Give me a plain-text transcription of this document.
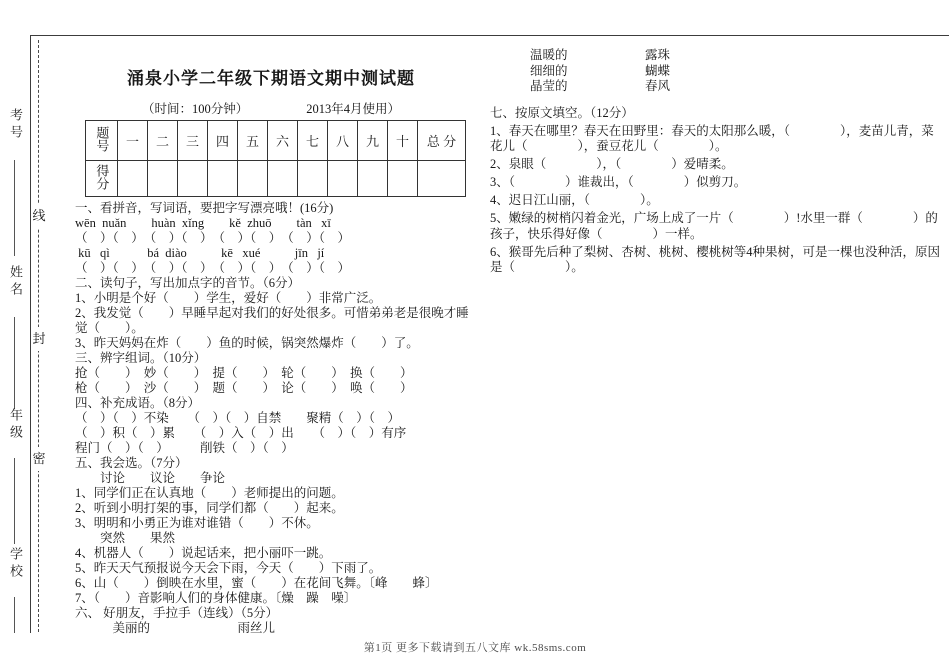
线
封
密
考号
姓名
年级
学校
涌泉小学二年级下期语文期中测试题
（时间：100分钟）	2013年4月使用）
题号	一	二	三	四	五	六	七	八	九	十	总 分
得分											
一、看拼音，写词语，要把字写漂亮哦！(16分)
wēn  nuǎn        huàn  xǐng        kě  zhuō        tàn   xī
（　）（　）　（　）（　）　（　）（　）　（　）（　）
kū   qì            bá  diào           kē   xué           jīn   jí
（　）（　）　（　）（　）　（　）（　）　（　）（　）
二、读句子，写出加点字的音节。（6分）
1、小明是个好（　　）学生，爱好（　　）非常广泛。
2、我发觉（　　）早睡早起对我们的好处很多。可惜弟弟老是很晚才睡觉（　　）。
3、昨天妈妈在炸（　　）鱼的时候，锅突然爆炸（　　）了。
三、辨字组词。（10分）
抢（　　）　妙（　　）　提（　　）　轮（　　）　换（　　）
枪（　　）　沙（　　）　题（　　）　论（　　）　唤（　　）
四、补充成语。（8分）
（　）（　）不染　　（　）（　）自禁　　聚精（　）（　）
（　）积（　）累　　（　）入（　）出　　（　）（　）有序
程门（　）（　）　　　削铁（　）（　）
五、我会选。（7分）
　　讨论　　议论　　争论
1、同学们正在认真地（　　）老师提出的问题。
2、听到小明打架的事，同学们都（　　）起来。
3、明明和小勇正为谁对谁错（　　）不休。
　　突然　　果然
4、机器人（　　）说起话来，把小丽吓一跳。
5、昨天天气预报说今天会下雨，今天（　　）下雨了。
6、山（　　）倒映在水里，蜜（　　）在花间飞舞。〔峰　　蜂〕
7、（　　）音影响人们的身体健康。〔燥　躁　噪〕
六、 好朋友，手拉手（连线）（5分）
　　　美丽的　　　　　　　雨丝儿
温暖的	露珠
细细的	蝴蝶
晶莹的	春风
七、按原文填空。（12分）
1、春天在哪里？春天在田野里：春天的太阳那么暖，（　　　　），麦苗儿青，菜花儿（　　　　），蚕豆花儿（　　　　）。
2、泉眼（　　　　），（　　　　）爱晴柔。
3、（　　　　）谁裁出，（　　　　）似剪刀。
4、迟日江山丽，（　　　　）。
5、嫩绿的树梢闪着金光，广场上成了一片（　　　　）!水里一群（　　　　）的孩子，快乐得好像（　　　　）一样。
6、猴哥先后种了梨树、杏树、桃树、樱桃树等4种果树，可是一棵也没种活，原因是（　　　　）。
第1页 更多下载请到五八文库 wk.58sms.com
